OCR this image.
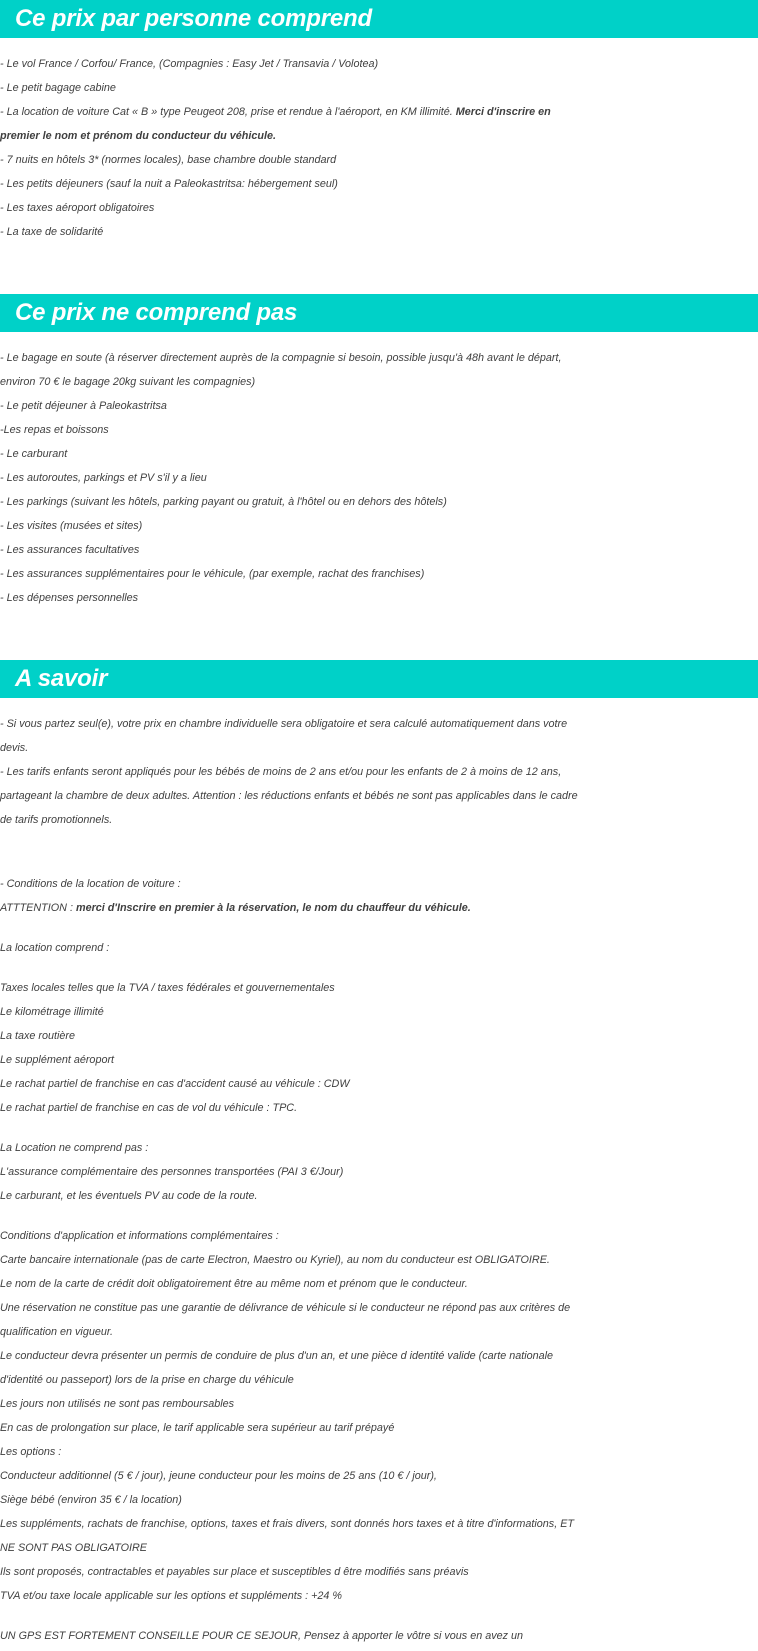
Ce prix par personne comprend
- Le vol France / Corfou/ France, (Compagnies : Easy Jet / Transavia / Volotea)
- Le petit bagage cabine
- La location de voiture Cat « B » type Peugeot 208, prise et rendue à l'aéroport, en KM illimité. Merci d'inscrire en
premier le nom et prénom du conducteur du véhicule.
- 7 nuits en hôtels 3* (normes locales), base chambre double standard
- Les petits déjeuners (sauf la nuit a Paleokastritsa: hébergement seul)
- Les taxes aéroport obligatoires
- La taxe de solidarité
Ce prix ne comprend pas
- Le bagage en soute (à réserver directement auprès de la compagnie si besoin, possible jusqu'à 48h avant le départ,
environ 70 € le bagage 20kg suivant les compagnies)
- Le petit déjeuner à Paleokastritsa
-Les repas et boissons
- Le carburant
- Les autoroutes, parkings et PV s'il y a lieu
- Les parkings (suivant les hôtels, parking payant ou gratuit, à l'hôtel ou en dehors des hôtels)
- Les visites (musées et sites)
- Les assurances facultatives
- Les assurances supplémentaires pour le véhicule, (par exemple, rachat des franchises)
- Les dépenses personnelles
A savoir
- Si vous partez seul(e), votre prix en chambre individuelle sera obligatoire et sera calculé automatiquement dans votre
devis.
- Les tarifs enfants seront appliqués pour les bébés de moins de 2 ans et/ou pour les enfants de 2 à moins de 12 ans,
partageant la chambre de deux adultes. Attention : les réductions enfants et bébés ne sont pas applicables dans le cadre
de tarifs promotionnels.
- Conditions de la location de voiture :
ATTTENTION : merci d'Inscrire en premier à la réservation, le nom du chauffeur du véhicule.
La location comprend :
Taxes locales telles que la TVA / taxes fédérales et gouvernementales
Le kilométrage illimité
La taxe routière
Le supplément aéroport
Le rachat partiel de franchise en cas d'accident causé au véhicule : CDW
Le rachat partiel de franchise en cas de vol du véhicule : TPC.
La Location ne comprend pas :
L'assurance complémentaire des personnes transportées (PAI 3 €/Jour)
Le carburant, et les éventuels PV au code de la route.
Conditions d'application et informations complémentaires :
Carte bancaire internationale (pas de carte Electron, Maestro ou Kyriel), au nom du conducteur est OBLIGATOIRE.
Le nom de la carte de crédit doit obligatoirement être au même nom et prénom que le conducteur.
Une réservation ne constitue pas une garantie de délivrance de véhicule si le conducteur ne répond pas aux critères de
qualification en vigueur.
Le conducteur devra présenter un permis de conduire de plus d'un an, et une pièce d identité valide (carte nationale
d'identité ou passeport) lors de la prise en charge du véhicule
Les jours non utilisés ne sont pas remboursables
En cas de prolongation sur place, le tarif applicable sera supérieur au tarif prépayé
Les options :
Conducteur additionnel (5 € / jour), jeune conducteur pour les moins de 25 ans (10 € / jour),
Siège bébé (environ 35 € / la location)
Les suppléments, rachats de franchise, options, taxes et frais divers, sont donnés hors taxes et à titre d'informations, ET
NE SONT PAS OBLIGATOIRE
Ils sont proposés, contractables et payables sur place et susceptibles d être modifiés sans préavis
TVA et/ou taxe locale applicable sur les options et suppléments : +24 %
UN GPS EST FORTEMENT CONSEILLE POUR CE SEJOUR, Pensez à apporter le vôtre si vous en avez un
